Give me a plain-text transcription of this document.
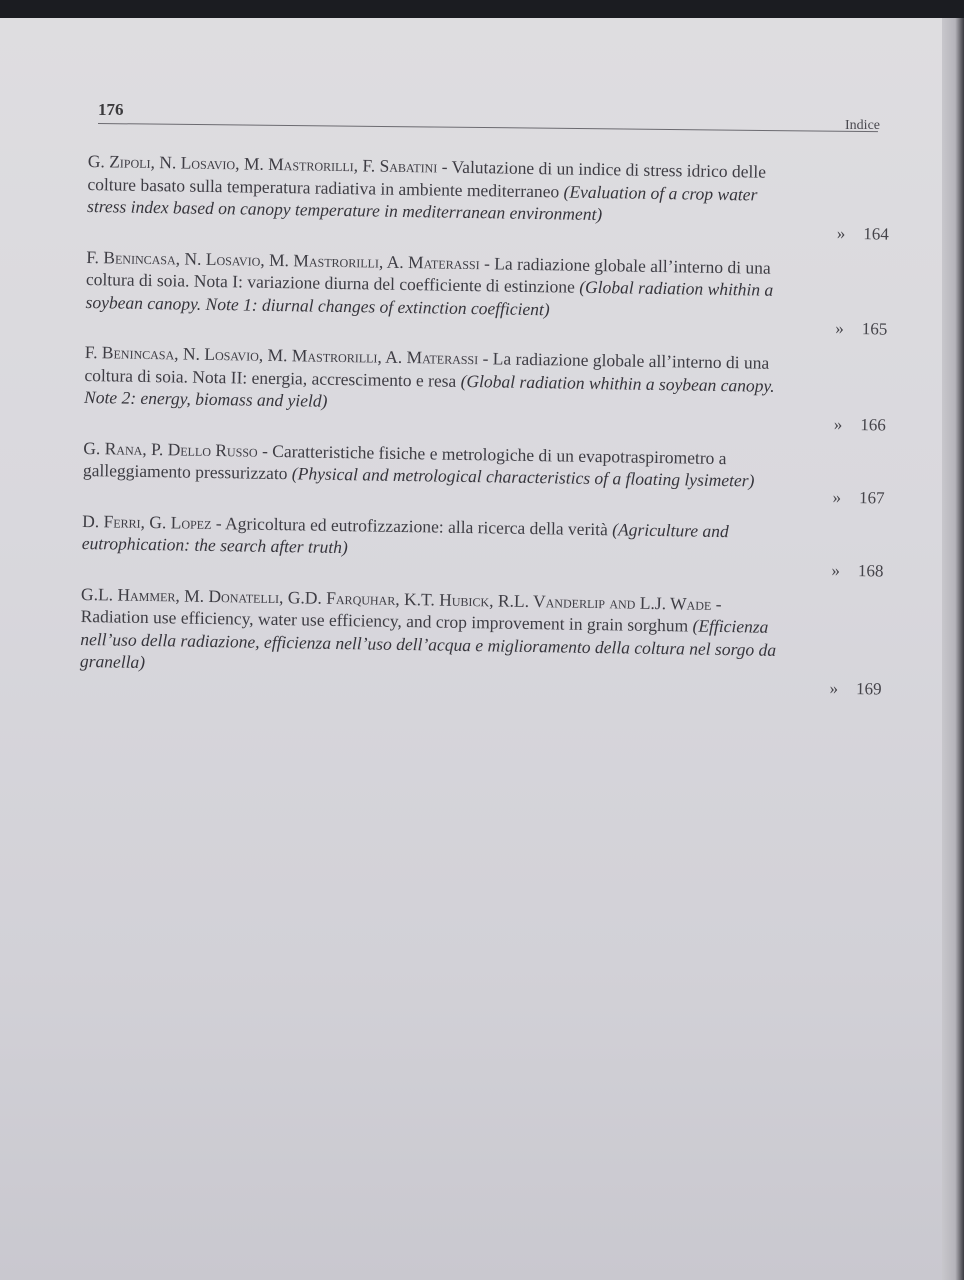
176
Indice

G. Zipoli, N. Losavio, M. Mastrorilli, F. Sabatini - Valutazione di un indice di stress idrico delle colture basato sulla temperatura radiativa in ambiente mediterraneo (Evaluation of a crop water stress index based on canopy temperature in mediterranean environment)

» 164

F. Benincasa, N. Losavio, M. Mastrorilli, A. Materassi - La radiazione globale all’interno di una coltura di soia. Nota I: variazione diurna del coefficiente di estinzione (Global radiation whithin a soybean canopy. Note 1: diurnal changes of extinction coefficient)

» 165

F. Benincasa, N. Losavio, M. Mastrorilli, A. Materassi - La radiazione globale all’interno di una coltura di soia. Nota II: energia, accrescimento e resa (Global radiation whithin a soybean canopy. Note 2: energy, biomass and yield)

» 166

G. Rana, P. Dello Russo - Caratteristiche fisiche e metrologiche di un evapotraspirometro a galleggiamento pressurizzato (Physical and metrological characteristics of a floating lysimeter)

» 167

D. Ferri, G. Lopez - Agricoltura ed eutrofizzazione: alla ricerca della verità (Agriculture and eutrophication: the search after truth)

» 168

G.L. Hammer, M. Donatelli, G.D. Farquhar, K.T. Hubick, R.L. Vanderlip and L.J. Wade - Radiation use efficiency, water use efficiency, and crop improvement in grain sorghum (Efficienza nell’uso della radiazione, efficienza nell’uso dell’acqua e miglioramento della coltura nel sorgo da granella)

» 169
